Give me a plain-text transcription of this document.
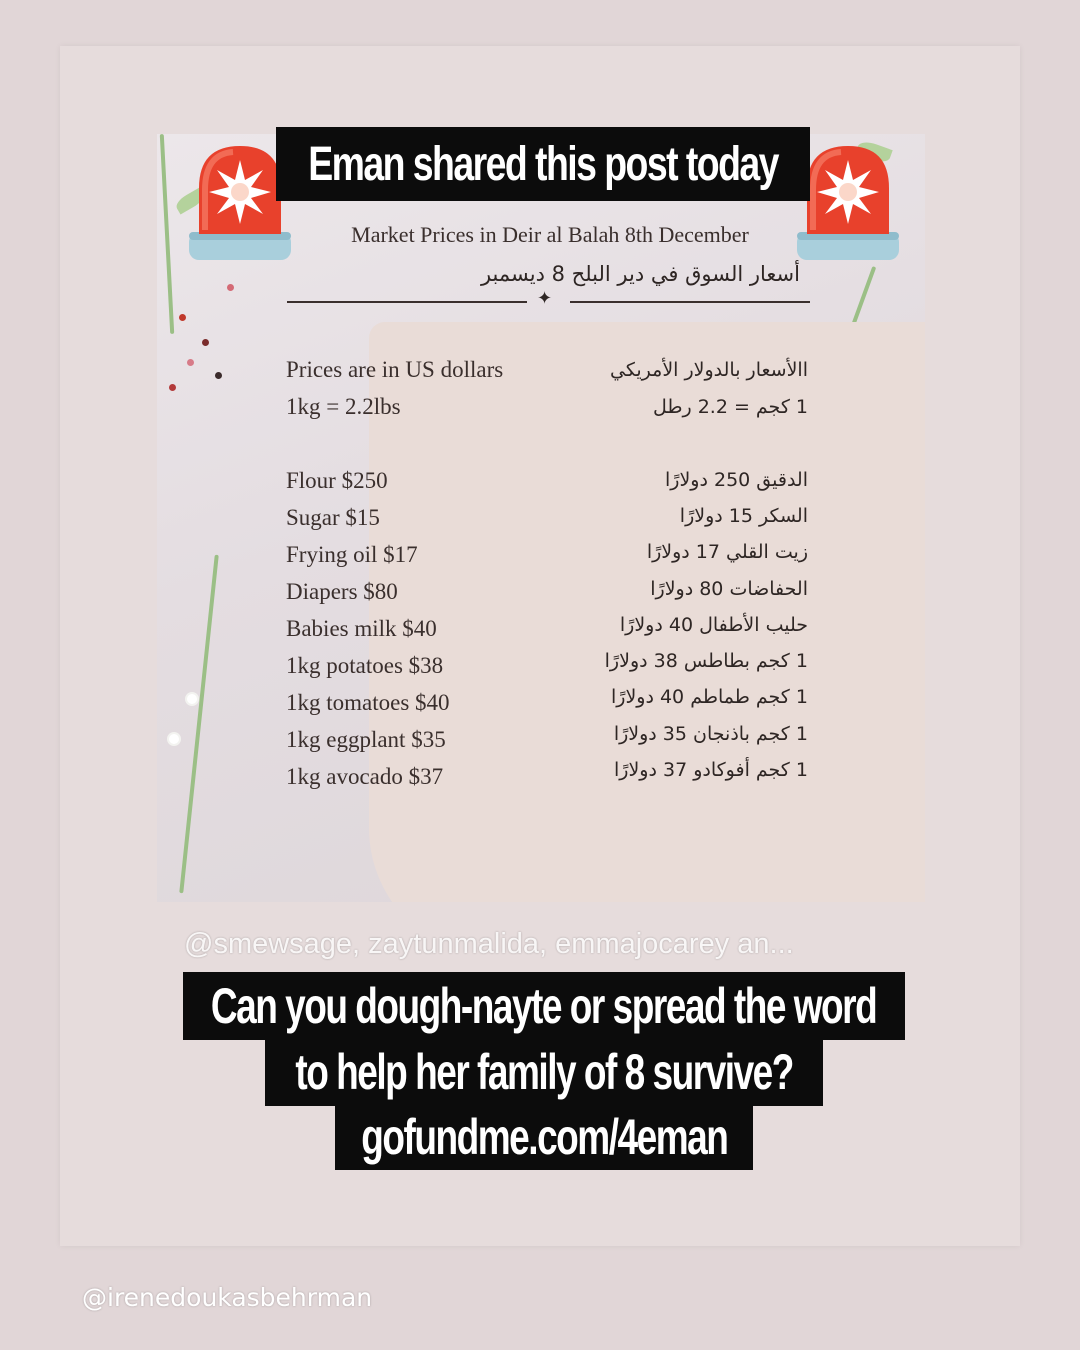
Eman shared this post today
Market Prices in Deir al Balah 8th December
أسعار السوق في دير البلح 8 ديسمبر
✦
Prices are in US dollars
1kg = 2.2lbs
االأسعار بالدولار الأمريكي
1 كجم = 2.2 رطل
Flour $250
Sugar $15
Frying oil $17
Diapers $80
Babies milk $40
1kg potatoes $38
1kg tomatoes $40
1kg eggplant $35
1kg avocado $37
الدقيق 250 دولارًا
السكر 15 دولارًا
زيت القلي 17 دولارًا
الحفاضات 80 دولارًا
حليب الأطفال 40 دولارًا
1 كجم بطاطس 38 دولارًا
1 كجم طماطم 40 دولارًا
1 كجم باذنجان 35 دولارًا
1 كجم أفوكادو 37 دولارًا
@smewsage, zaytunmalida, emmajocarey an...
Can you dough-nayte or spread the word
to help her family of 8 survive?
gofundme.com/4eman
@irenedoukasbehrman
